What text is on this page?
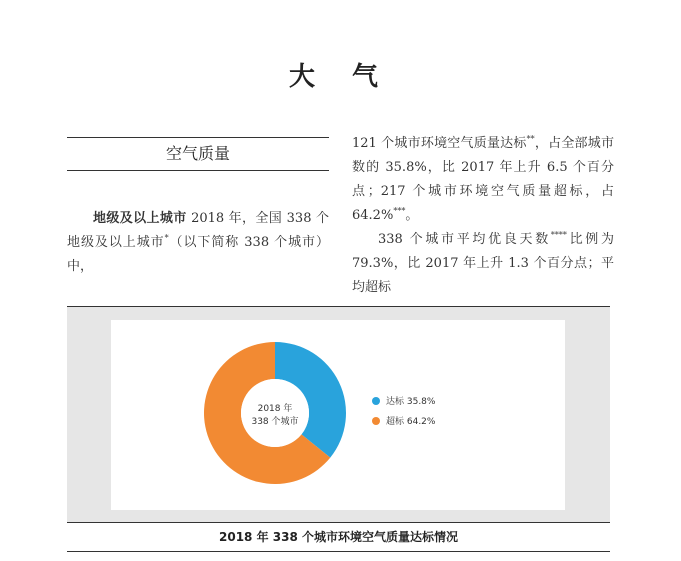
大 气
空气质量
地级及以上城市 2018 年，全国 338 个地级及以上城市*（以下简称 338 个城市）中，

121 个城市环境空气质量达标**，占全部城市数的 35.8%，比 2017 年上升 6.5 个百分点；217 个城市环境空气质量超标，占 64.2%***。

338 个城市平均优良天数****比例为 79.3%，比 2017 年上升 1.3 个百分点；平均超标

2018 年
338 个城市
达标 35.8%
超标 64.2%
2018 年 338 个城市环境空气质量达标情况
